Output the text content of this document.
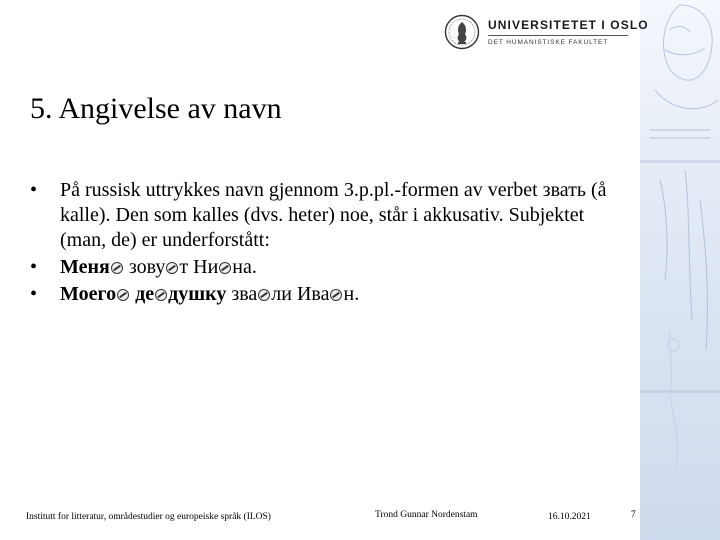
UNIVERSITETET I OSLO
DET HUMANISTISKE FAKULTET
5. Angivelse av navn
•	På russisk uttrykkes navn gjennom 3.p.pl.-formen av verbet звать (å kalle). Den som kalles (dvs. heter) noe, står i akkusativ. Subjektet (man, de) er underforstått:
•	Меня зову т Ни на.
•	Моего де душку зва ли Ива н.
Institutt for litteratur, områdestudier og europeiske språk (ILOS)	Trond Gunnar Nordenstam	16.10.2021	7
